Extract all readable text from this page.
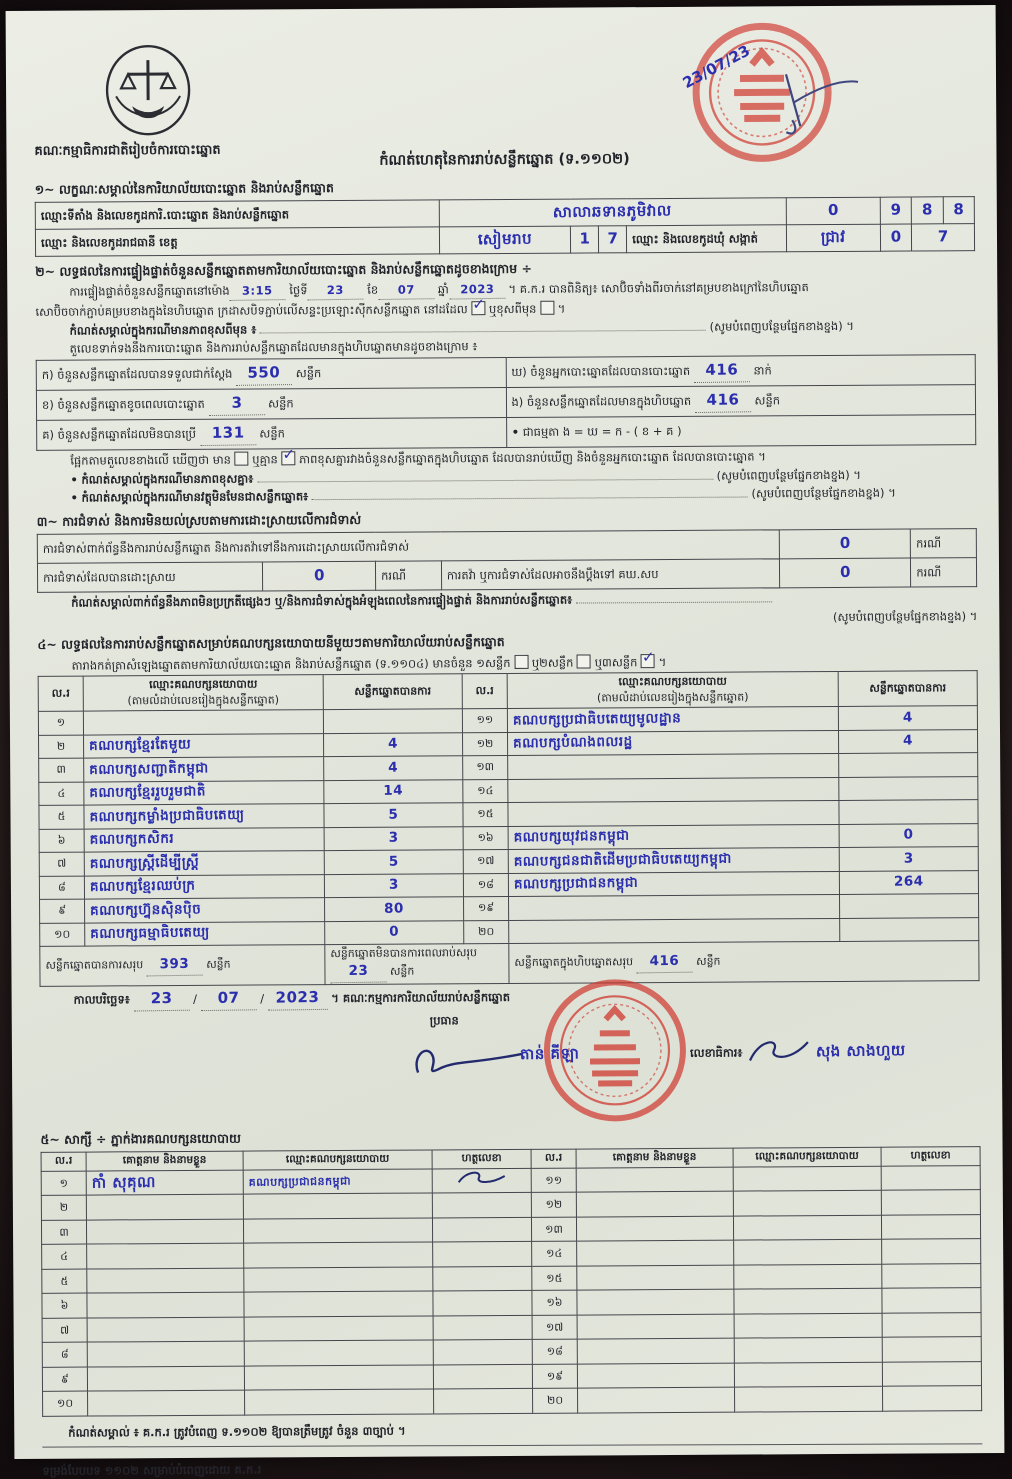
គណៈកម្មាធិការជាតិរៀបចំការបោះឆ្នោត
កំណត់ហេតុនៃការរាប់សន្លឹកឆ្នោត (ទ.១១០២)
23/07/23
១~ លក្ខណៈសម្គាល់នៃការិយាល័យបោះឆ្នោត និងរាប់សន្លឹកឆ្នោត
ឈ្មោះទីតាំង និងលេខកូដការិ.បោះឆ្នោត និងរាប់សន្លឹកឆ្នោត	សាលាឆទានភូមិវាល				0	9	8	8
ឈ្មោះ និងលេខកូដរាជធានី ខេត្ត	សៀមរាប	1	7	ឈ្មោះ និងលេខកូដឃុំ សង្កាត់	ជ្រាវ	0	7	
២~ លទ្ធផលនៃការផ្ទៀងផ្ទាត់ចំនួនសន្លឹកឆ្នោតតាមការិយាល័យបោះឆ្នោត និងរាប់សន្លឹកឆ្នោតដូចខាងក្រោម ÷
ការផ្ទៀងផ្ទាត់ចំនួនសន្លឹកឆ្នោតនៅម៉ោង 3:15 ថ្ងៃទី 23 ខែ 07 ឆ្នាំ 2023 ។ គ.ក.រ បានពិនិត្យ៖ សោប៊ិចទាំងពីរចាក់នៅគម្របខាងក្រៅនៃហិបឆ្នោត
សោប៊ិចចាក់ភ្ជាប់គម្របខាងក្នុងនៃហិបឆ្នោត ក្រដាសបិទភ្ជាប់លើសន្ទះប្រឡោះស៊ីកសន្លឹកឆ្នោត នៅដដែល ✓ ឬខុសពីមុន ។
កំណត់សម្គាល់ក្នុងករណីមានភាពខុសពីមុន ៖	(សូមបំពេញបន្ថែមផ្នែកខាងខ្នង) ។
តួលេខទាក់ទងនឹងការបោះឆ្នោត និងការរាប់សន្លឹកឆ្នោតដែលមានក្នុងហិបឆ្នោតមានដូចខាងក្រោម ៖
ក) ចំនួនសន្លឹកឆ្នោតដែលបានទទួលជាក់ស្តែង 550 សន្លឹក	ឃ) ចំនួនអ្នកបោះឆ្នោតដែលបានបោះឆ្នោត 416 នាក់
ខ) ចំនួនសន្លឹកឆ្នោតខូចពេលបោះឆ្នោត 3 សន្លឹក	ង) ចំនួនសន្លឹកឆ្នោតដែលមានក្នុងហិបឆ្នោត 416 សន្លឹក
គ) ចំនួនសន្លឹកឆ្នោតដែលមិនបានប្រើ 131 សន្លឹក	• ជាធម្មតា ង = ឃ = ក - ( ខ + គ )
ផ្អែកតាមតួលេខខាងលើ ឃើញថា មាន ឬគ្មាន ✓ ភាពខុសគ្នារវាងចំនួនសន្លឹកឆ្នោតក្នុងហិបឆ្នោត ដែលបានរាប់ឃើញ និងចំនួនអ្នកបោះឆ្នោត ដែលបានបោះឆ្នោត ។
• កំណត់សម្គាល់ក្នុងករណីមានភាពខុសគ្នា៖	(សូមបំពេញបន្ថែមផ្នែកខាងខ្នង) ។
• កំណត់សម្គាល់ក្នុងករណីមានវត្ថុមិនមែនជាសន្លឹកឆ្នោត៖	(សូមបំពេញបន្ថែមផ្នែកខាងខ្នង) ។
៣~ ការជំទាស់ និងការមិនយល់ស្របតាមការដោះស្រាយលើការជំទាស់
ការជំទាស់ពាក់ព័ន្ធនឹងការរាប់សន្លឹកឆ្នោត និងការតវ៉ាទៅនឹងការដោះស្រាយលើការជំទាស់				0	ករណី
ការជំទាស់ដែលបានដោះស្រាយ	0	ករណី	ការតវ៉ា ឬការជំទាស់ដែលអាចនឹងប្តឹងទៅ គឃ.សប	0	ករណី
កំណត់សម្គាល់ពាក់ព័ន្ធនឹងភាពមិនប្រក្រតីផ្សេងៗ ឬ/និងការជំទាស់ក្នុងអំឡុងពេលនៃការផ្ទៀងផ្ទាត់ និងការរាប់សន្លឹកឆ្នោត៖
(សូមបំពេញបន្ថែមផ្នែកខាងខ្នង) ។
៤~ លទ្ធផលនៃការរាប់សន្លឹកឆ្នោតសម្រាប់គណបក្សនយោបាយនីមួយៗតាមការិយាល័យរាប់សន្លឹកឆ្នោត
តារាងកត់ត្រាសំឡេងឆ្នោតតាមការិយាល័យបោះឆ្នោត និងរាប់សន្លឹកឆ្នោត (ទ.១១០៤) មានចំនួន ១សន្លឹក ឬ២សន្លឹក ឬ៣សន្លឹក ✓ ។
ល.រ	ឈ្មោះគណបក្សនយោបាយ
(តាមលំដាប់លេខរៀងក្នុងសន្លឹកឆ្នោត)	សន្លឹកឆ្នោតបានការ	ល.រ	ឈ្មោះគណបក្សនយោបាយ
(តាមលំដាប់លេខរៀងក្នុងសន្លឹកឆ្នោត)	សន្លឹកឆ្នោតបានការ
១			១១	គណបក្សប្រជាធិបតេយ្យមូលដ្ឋាន	4
២	គណបក្សខ្មែរតែមួយ	4	១២	គណបក្សបំណងពលរដ្ឋ	4
៣	គណបក្សសញ្ជាតិកម្ពុជា	4	១៣		
៤	គណបក្សខ្មែររួបរួមជាតិ	14	១៤		
៥	គណបក្សកម្លាំងប្រជាធិបតេយ្យ	5	១៥		
៦	គណបក្សកសិករ	3	១៦	គណបក្សយុវជនកម្ពុជា	0
៧	គណបក្សស្រ្តីដើម្បីស្រ្តី	5	១៧	គណបក្សជនជាតិដើមប្រជាធិបតេយ្យកម្ពុជា	3
៨	គណបក្សខ្មែរឈប់ក្រ	3	១៨	គណបក្សប្រជាជនកម្ពុជា	264
៩	គណបក្សហ្វ៊ុនស៊ិនប៉ិច	80	១៩		
១០	គណបក្សធម្មាធិបតេយ្យ	0	២០		
សន្លឹកឆ្នោតបានការសរុប 393 សន្លឹក		សន្លឹកឆ្នោតមិនបានការពេលរាប់សរុប 23 សន្លឹក		សន្លឹកឆ្នោតក្នុងហិបឆ្នោតសរុប 416 សន្លឹក	
កាលបរិច្ឆេទ៖ 23 / 07 / 2023 ។ គណៈកម្មការការិយាល័យរាប់សន្លឹកឆ្នោត
ប្រធាន
តាន់ គីឡា	លេខាធិការ៖	សុង សាងហួយ
៥~ សាក្សី ÷ ភ្នាក់ងារគណបក្សនយោបាយ
ល.រ	គោត្តនាម និងនាមខ្លួន	ឈ្មោះគណបក្សនយោបាយ	ហត្ថលេខា	ល.រ	គោត្តនាម និងនាមខ្លួន	ឈ្មោះគណបក្សនយោបាយ	ហត្ថលេខា
១	កាំ សុគុណ	គណបក្សប្រជាជនកម្ពុជា		១១			
២				១២			
៣				១៣			
៤				១៤			
៥				១៥			
៦				១៦			
៧				១៧			
៨				១៨			
៩				១៩			
១០				២០			
កំណត់សម្គាល់ ៖ គ.ក.រ ត្រូវបំពេញ ទ.១១០២ ឱ្យបានត្រឹមត្រូវ ចំនួន ៣ច្បាប់ ។
ទម្រង់បែបបទ ១១០២ សម្រាប់បំពេញដោយ គ.ក.រ
